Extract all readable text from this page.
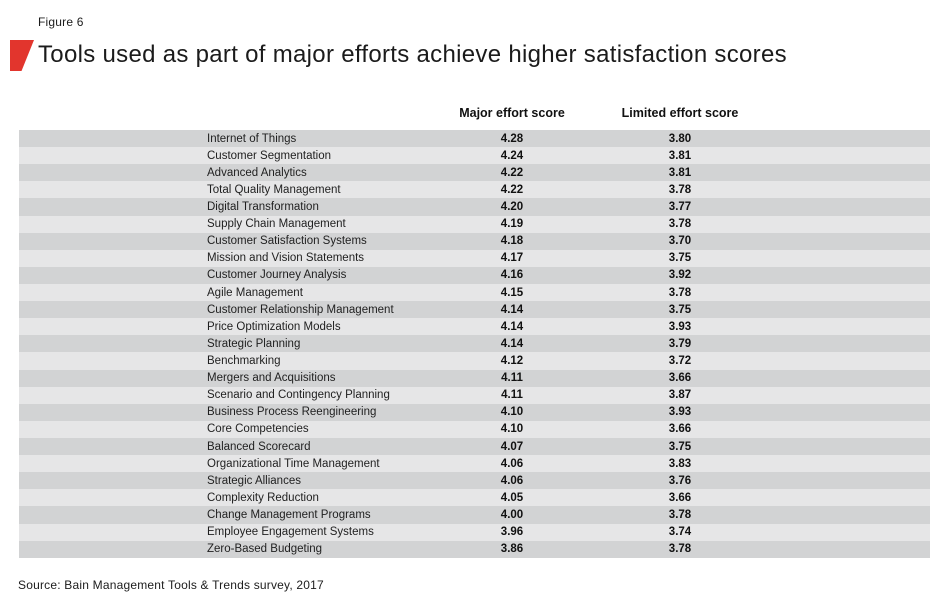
Figure 6
Tools used as part of major efforts achieve higher satisfaction scores
Major effort score	Limited effort score
Internet of Things	4.28	3.80
Customer Segmentation	4.24	3.81
Advanced Analytics	4.22	3.81
Total Quality Management	4.22	3.78
Digital Transformation	4.20	3.77
Supply Chain Management	4.19	3.78
Customer Satisfaction Systems	4.18	3.70
Mission and Vision Statements	4.17	3.75
Customer Journey Analysis	4.16	3.92
Agile Management	4.15	3.78
Customer Relationship Management	4.14	3.75
Price Optimization Models	4.14	3.93
Strategic Planning	4.14	3.79
Benchmarking	4.12	3.72
Mergers and Acquisitions	4.11	3.66
Scenario and Contingency Planning	4.11	3.87
Business Process Reengineering	4.10	3.93
Core Competencies	4.10	3.66
Balanced Scorecard	4.07	3.75
Organizational Time Management	4.06	3.83
Strategic Alliances	4.06	3.76
Complexity Reduction	4.05	3.66
Change Management Programs	4.00	3.78
Employee Engagement Systems	3.96	3.74
Zero-Based Budgeting	3.86	3.78
Source: Bain Management Tools & Trends survey, 2017
